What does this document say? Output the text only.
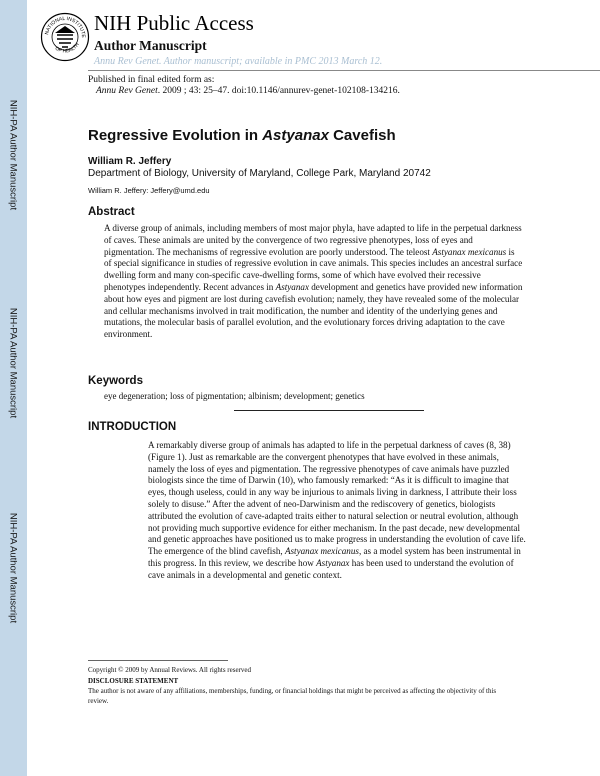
NIH-PA Author Manuscript
NIH-PA Author Manuscript
NIH-PA Author Manuscript
NATIONAL INSTITUTE
OF HEALTH
NIH Public Access
Author Manuscript
Annu Rev Genet. Author manuscript; available in PMC 2013 March 12.
Published in final edited form as:
Annu Rev Genet. 2009 ; 43: 25–47. doi:10.1146/annurev-genet-102108-134216.
Regressive Evolution in Astyanax Cavefish
William R. Jeffery
Department of Biology, University of Maryland, College Park, Maryland 20742
William R. Jeffery: Jeffery@umd.edu
Abstract

A diverse group of animals, including members of most major phyla, have adapted to life in the perpetual darkness of caves. These animals are united by the convergence of two regressive phenotypes, loss of eyes and pigmentation. The mechanisms of regressive evolution are poorly understood. The teleost Astyanax mexicanus is of special significance in studies of regressive evolution in cave animals. This species includes an ancestral surface dwelling form and many con-specific cave-dwelling forms, some of which have evolved their recessive phenotypes independently. Recent advances in Astyanax development and genetics have provided new information about how eyes and pigment are lost during cavefish evolution; namely, they have revealed some of the molecular and cellular mechanisms involved in trait modification, the number and identity of the underlying genes and mutations, the molecular basis of parallel evolution, and the evolutionary forces driving adaptation to the cave environment.

Keywords
eye degeneration; loss of pigmentation; albinism; development; genetics
INTRODUCTION

A remarkably diverse group of animals has adapted to life in the perpetual darkness of caves (8, 38) (Figure 1). Just as remarkable are the convergent phenotypes that have evolved in these animals, namely the loss of eyes and pigmentation. The regressive phenotypes of cave animals have puzzled biologists since the time of Darwin (10), who famously remarked: “As it is difficult to imagine that eyes, though useless, could in any way be injurious to animals living in darkness, I attribute their loss solely to disuse.” After the advent of neo-Darwinism and the rediscovery of genetics, biologists attributed the evolution of cave-adapted traits either to natural selection or neutral evolution, although not providing much supportive evidence for either mechanism. In the past decade, new developmental and genetic approaches have positioned us to make progress in understanding the evolution of cave life. The emergence of the blind cavefish, Astyanax mexicanus, as a model system has been instrumental in this progress. In this review, we describe how Astyanax has been used to understand the evolution of cave animals in a developmental and genetic context.

Copyright © 2009 by Annual Reviews. All rights reserved
DISCLOSURE STATEMENT

The author is not aware of any affiliations, memberships, funding, or financial holdings that might be perceived as affecting the objectivity of this review.
